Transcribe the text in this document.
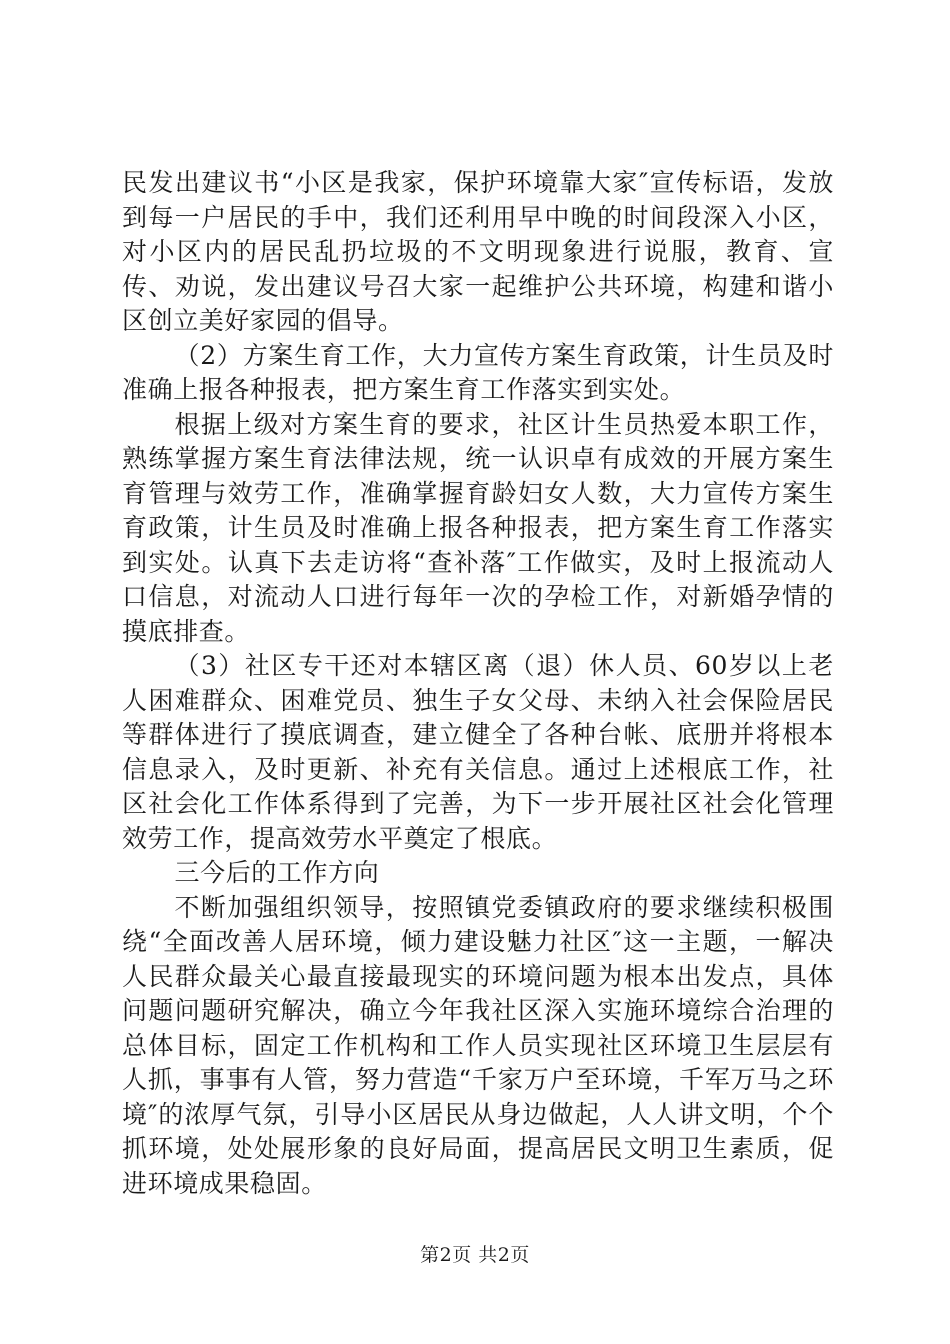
民发出建议书“小区是我家，保护环境靠大家″宣传标语，发放到每一户居民的手中，我们还利用早中晚的时间段深入小区，对小区内的居民乱扔垃圾的不文明现象进行说服，教育、宣传、劝说，发出建议号召大家一起维护公共环境，构建和谐小区创立美好家园的倡导。

（2）方案生育工作，大力宣传方案生育政策，计生员及时准确上报各种报表，把方案生育工作落实到实处。

根据上级对方案生育的要求，社区计生员热爱本职工作，熟练掌握方案生育法律法规，统一认识卓有成效的开展方案生育管理与效劳工作，准确掌握育龄妇女人数，大力宣传方案生育政策，计生员及时准确上报各种报表，把方案生育工作落实到实处。认真下去走访将“查补落″工作做实，及时上报流动人口信息，对流动人口进行每年一次的孕检工作，对新婚孕情的摸底排查。

（3）社区专干还对本辖区离（退）休人员、60岁以上老人困难群众、困难党员、独生子女父母、未纳入社会保险居民等群体进行了摸底调查，建立健全了各种台帐、底册并将根本信息录入，及时更新、补充有关信息。通过上述根底工作，社区社会化工作体系得到了完善，为下一步开展社区社会化管理效劳工作，提高效劳水平奠定了根底。

三今后的工作方向

不断加强组织领导，按照镇党委镇政府的要求继续积极围绕“全面改善人居环境，倾力建设魅力社区″这一主题，一解决人民群众最关心最直接最现实的环境问题为根本出发点，具体问题问题研究解决，确立今年我社区深入实施环境综合治理的总体目标，固定工作机构和工作人员实现社区环境卫生层层有人抓，事事有人管，努力营造“千家万户至环境，千军万马之环境″的浓厚气氛，引导小区居民从身边做起，人人讲文明，个个抓环境，处处展形象的良好局面，提高居民文明卫生素质，促进环境成果稳固。

第2页 共2页
